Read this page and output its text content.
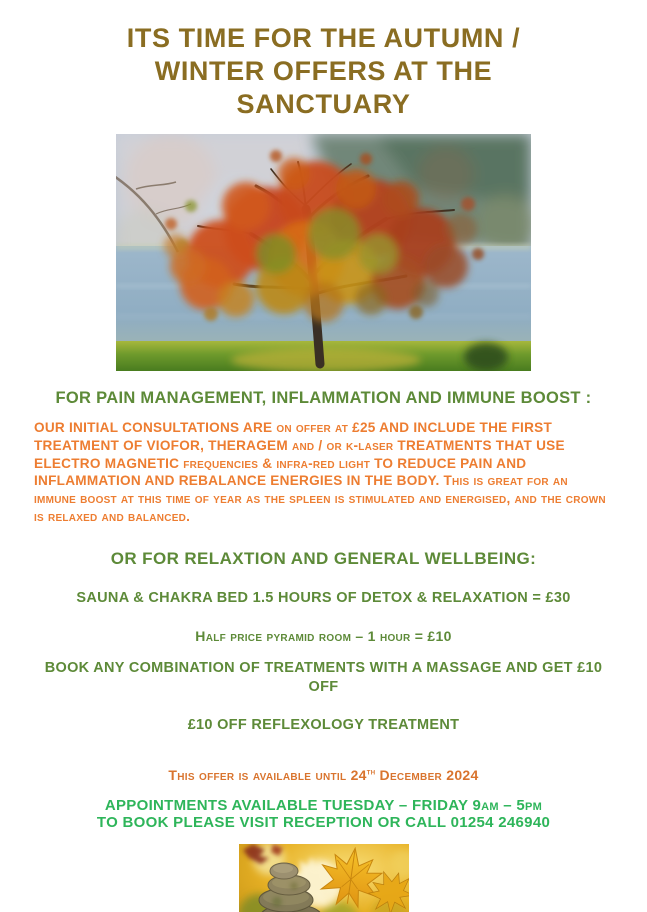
ITS TIME FOR THE AUTUMN / WINTER OFFERS AT THE SANCTUARY
FOR PAIN MANAGEMENT, INFLAMMATION AND IMMUNE BOOST :
OUR INITIAL CONSULTATIONS ARE on offer at £25 AND INCLUDE THE FIRST TREATMENT OF VIOFOR, THERAGEM and / or k-laser TREATMENTS THAT USE ELECTRO MAGNETIC frequencies & infra-red light TO REDUCE PAIN AND INFLAMMATION AND REBALANCE ENERGIES IN THE BODY. This is great for an immune boost at this time of year as the spleen is stimulated and energised, and the crown is relaxed and balanced.
OR FOR RELAXTION AND GENERAL WELLBEING:
SAUNA & CHAKRA BED 1.5 HOURS OF DETOX & RELAXATION = £30
Half price pyramid room – 1 hour = £10
BOOK ANY COMBINATION OF TREATMENTS WITH A MASSAGE AND GET £10 OFF
£10 OFF REFLEXOLOGY TREATMENT
This offer is available until 24th December 2024
APPOINTMENTS AVAILABLE TUESDAY – FRIDAY 9am – 5pm
TO BOOK PLEASE VISIT RECEPTION OR CALL 01254 246940
